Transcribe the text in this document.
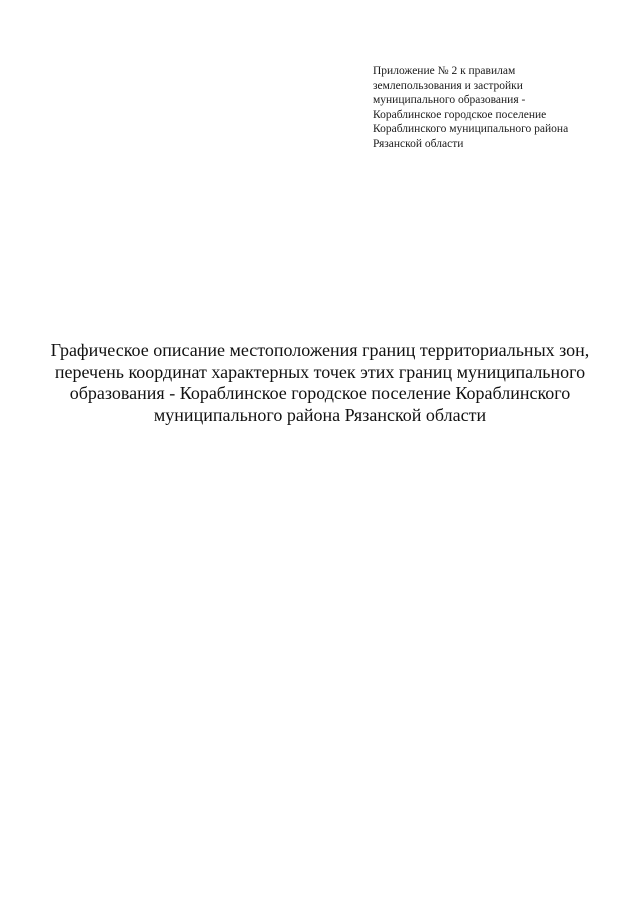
Приложение № 2 к правилам
землепользования и застройки
муниципального образования -
Кораблинское городское поселение
Кораблинского муниципального района
Рязанской области
Графическое описание местоположения границ территориальных зон,
перечень координат характерных точек этих границ муниципального
образования - Кораблинское городское поселение Кораблинского
муниципального района Рязанской области
